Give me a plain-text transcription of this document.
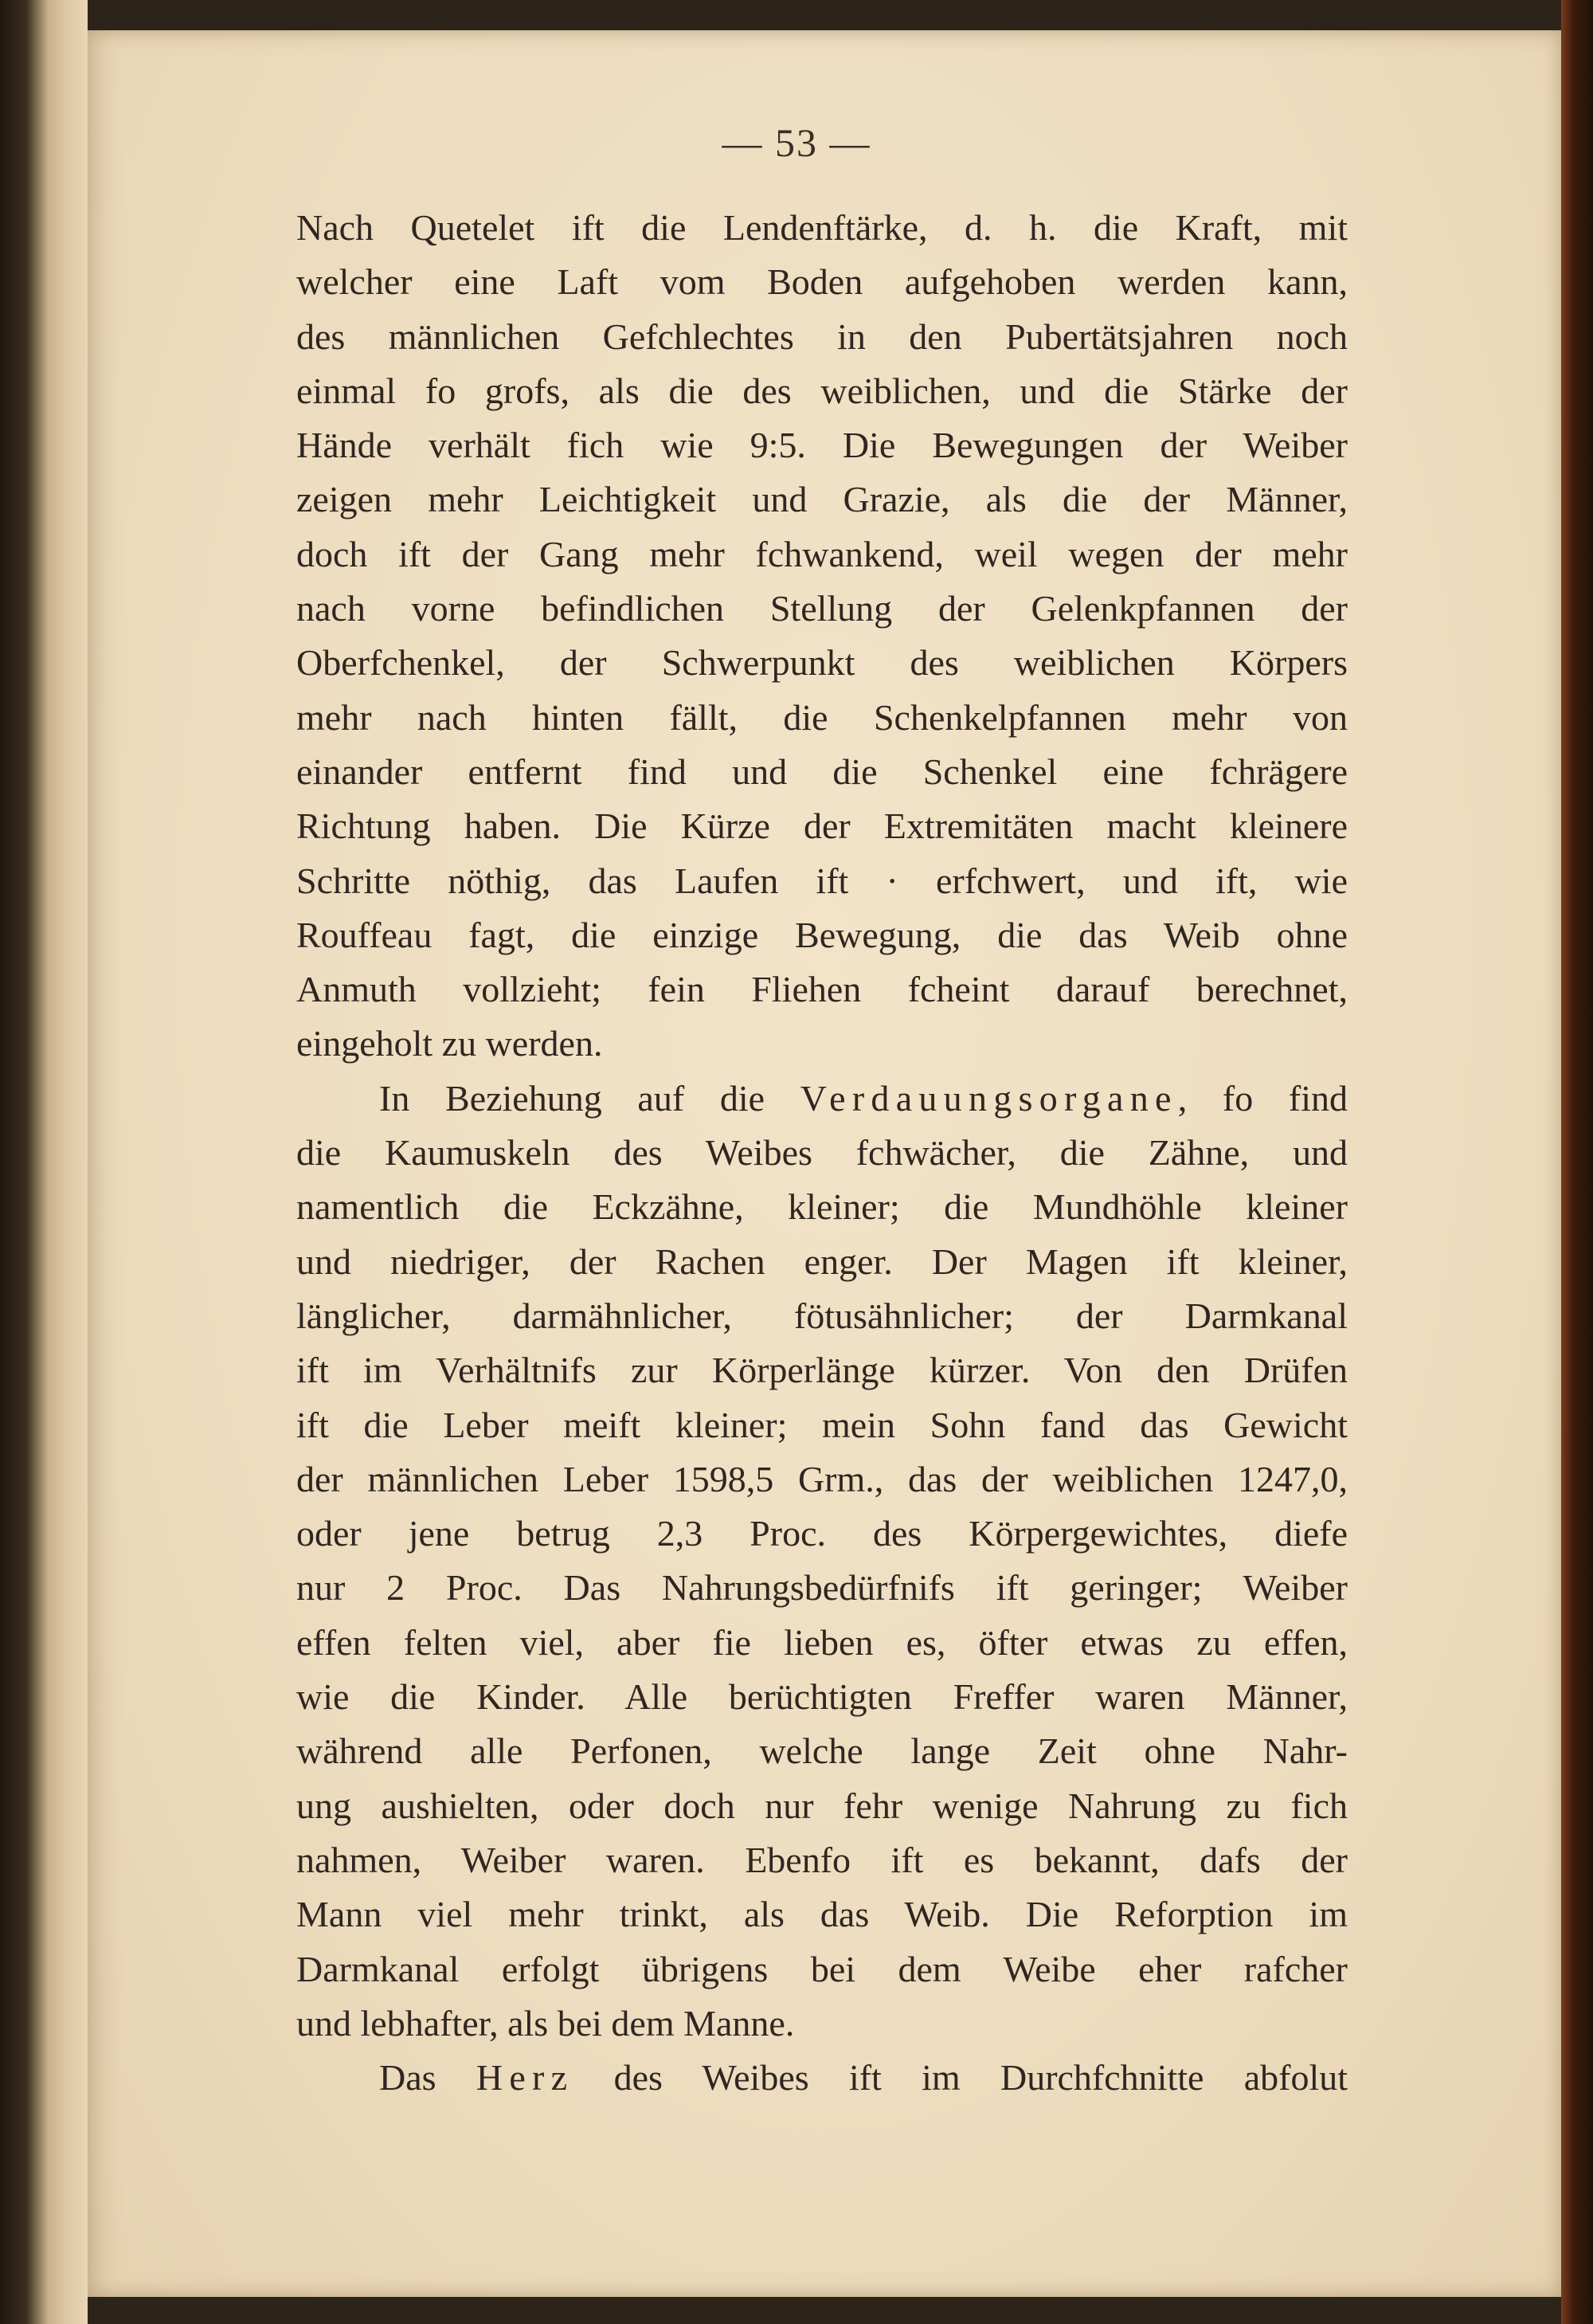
— 53 —
Nach Quetelet ift die Lendenftärke, d. h. die Kraft, mit
welcher eine Laft vom Boden aufgehoben werden kann,
des männlichen Gefchlechtes in den Pubertätsjahren noch
einmal fo grofs, als die des weiblichen, und die Stärke der
Hände verhält fich wie 9:5. Die Bewegungen der Weiber
zeigen mehr Leichtigkeit und Grazie, als die der Männer,
doch ift der Gang mehr fchwankend, weil wegen der mehr
nach vorne befindlichen Stellung der Gelenkpfannen der
Oberfchenkel, der Schwerpunkt des weiblichen Körpers
mehr nach hinten fällt, die Schenkelpfannen mehr von
einander entfernt find und die Schenkel eine fchrägere
Richtung haben. Die Kürze der Extremitäten macht kleinere
Schritte nöthig, das Laufen ift · erfchwert, und ift, wie
Rouffeau fagt, die einzige Bewegung, die das Weib ohne
Anmuth vollzieht; fein Fliehen fcheint darauf berechnet,
eingeholt zu werden.
In Beziehung auf die Verdauungsorgane, fo find
die Kaumuskeln des Weibes fchwächer, die Zähne, und
namentlich die Eckzähne, kleiner; die Mundhöhle kleiner
und niedriger, der Rachen enger. Der Magen ift kleiner,
länglicher, darmähnlicher, fötusähnlicher; der Darmkanal
ift im Verhältnifs zur Körperlänge kürzer. Von den Drüfen
ift die Leber meift kleiner; mein Sohn fand das Gewicht
der männlichen Leber 1598,5 Grm., das der weiblichen 1247,0,
oder jene betrug 2,3 Proc. des Körpergewichtes, diefe
nur 2 Proc. Das Nahrungsbedürfnifs ift geringer; Weiber
effen felten viel, aber fie lieben es, öfter etwas zu effen,
wie die Kinder. Alle berüchtigten Freffer waren Männer,
während alle Perfonen, welche lange Zeit ohne Nahr-
ung aushielten, oder doch nur fehr wenige Nahrung zu fich
nahmen, Weiber waren. Ebenfo ift es bekannt, dafs der
Mann viel mehr trinkt, als das Weib. Die Reforption im
Darmkanal erfolgt übrigens bei dem Weibe eher rafcher
und lebhafter, als bei dem Manne.
Das Herz des Weibes ift im Durchfchnitte abfolut
